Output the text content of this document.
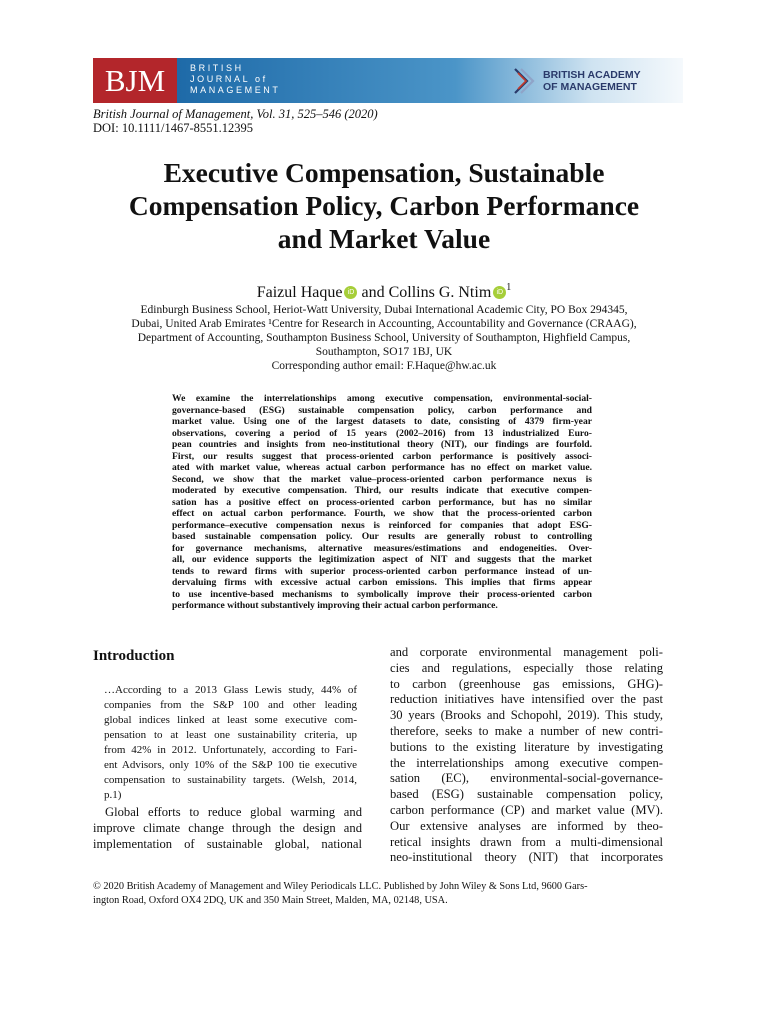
BJM	BRITISH
JOURNAL of
MANAGEMENT
BRITISH ACADEMY
OF MANAGEMENT
British Journal of Management, Vol. 31, 525–546 (2020)
DOI: 10.1111/1467-8551.12395
Executive Compensation, Sustainable
Compensation Policy, Carbon Performance
and Market Value
Faizul Haque iD and Collins G. Ntim iD $^1$
Edinburgh Business School, Heriot-Watt University, Dubai International Academic City, PO Box 294345,
Dubai, United Arab Emirates ¹Centre for Research in Accounting, Accountability and Governance (CRAAG),
Department of Accounting, Southampton Business School, University of Southampton, Highfield Campus,
Southampton, SO17 1BJ, UK
Corresponding author email: F.Haque@hw.ac.uk
We examine the interrelationships among executive compensation, environmental-social-
governance-based (ESG) sustainable compensation policy, carbon performance and
market value. Using one of the largest datasets to date, consisting of 4379 firm-year
observations, covering a period of 15 years (2002–2016) from 13 industrialized Euro-
pean countries and insights from neo-institutional theory (NIT), our findings are fourfold.
First, our results suggest that process-oriented carbon performance is positively associ-
ated with market value, whereas actual carbon performance has no effect on market value.
Second, we show that the market value–process-oriented carbon performance nexus is
moderated by executive compensation. Third, our results indicate that executive compen-
sation has a positive effect on process-oriented carbon performance, but has no similar
effect on actual carbon performance. Fourth, we show that the process-oriented carbon
performance–executive compensation nexus is reinforced for companies that adopt ESG-
based sustainable compensation policy. Our results are generally robust to controlling
for governance mechanisms, alternative measures/estimations and endogeneities. Over-
all, our evidence supports the legitimization aspect of NIT and suggests that the market
tends to reward firms with superior process-oriented carbon performance instead of un-
dervaluing firms with excessive actual carbon emissions. This implies that firms appear
to use incentive-based mechanisms to symbolically improve their process-oriented carbon
performance without substantively improving their actual carbon performance.
Introduction
…According to a 2013 Glass Lewis study, 44% of
companies from the S&P 100 and other leading
global indices linked at least some executive com-
pensation to at least one sustainability criteria, up
from 42% in 2012. Unfortunately, according to Fari-
ent Advisors, only 10% of the S&P 100 tie executive
compensation to sustainability targets. (Welsh, 2014,
p.1)
Global efforts to reduce global warming and
improve climate change through the design and
implementation of sustainable global, national
and corporate environmental management poli-
cies and regulations, especially those relating
to carbon (greenhouse gas emissions, GHG)-
reduction initiatives have intensified over the past
30 years (Brooks and Schopohl, 2019). This study,
therefore, seeks to make a number of new contri-
butions to the existing literature by investigating
the interrelationships among executive compen-
sation (EC), environmental-social-governance-
based (ESG) sustainable compensation policy,
carbon performance (CP) and market value (MV).
Our extensive analyses are informed by theo-
retical insights drawn from a multi-dimensional
neo-institutional theory (NIT) that incorporates
© 2020 British Academy of Management and Wiley Periodicals LLC. Published by John Wiley & Sons Ltd, 9600 Gars-
ington Road, Oxford OX4 2DQ, UK and 350 Main Street, Malden, MA, 02148, USA.
